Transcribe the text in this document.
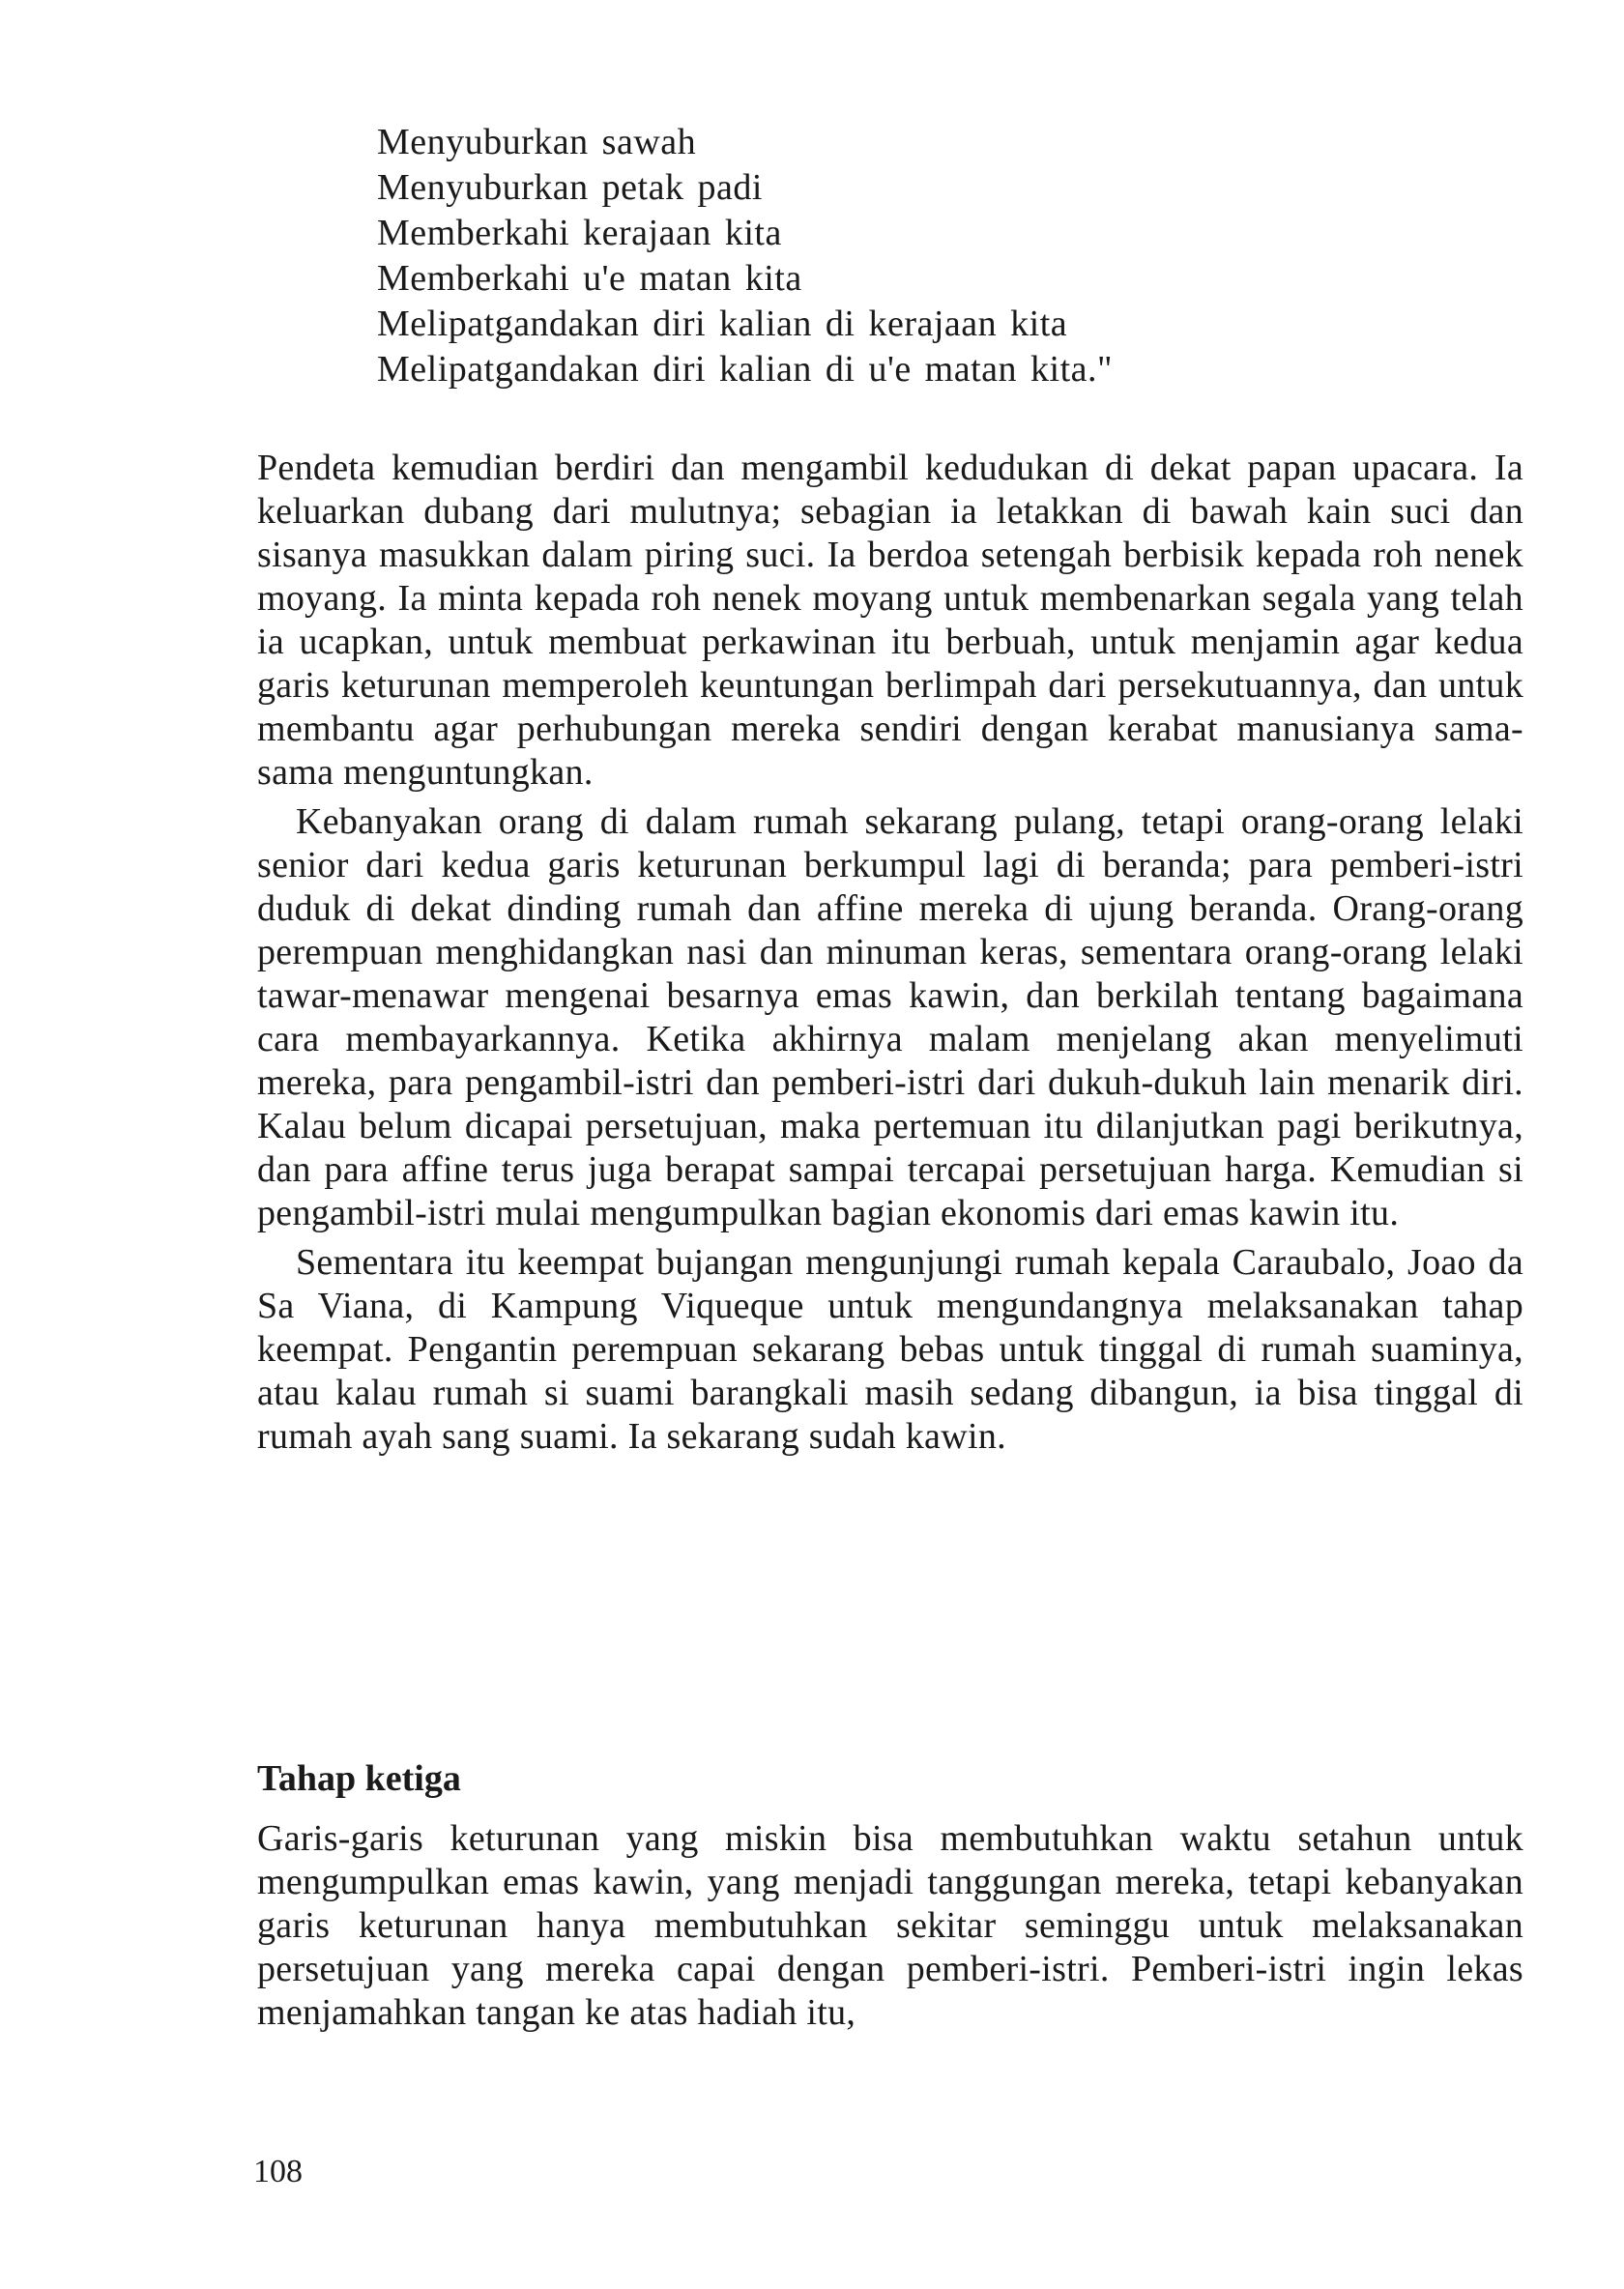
Menyuburkan sawah
Menyuburkan petak padi
Memberkahi kerajaan kita
Memberkahi u'e matan kita
Melipatgandakan diri kalian di kerajaan kita
Melipatgandakan diri kalian di u'e matan kita."

Pendeta kemudian berdiri dan mengambil kedudukan di dekat papan upacara. Ia keluarkan dubang dari mulutnya; sebagian ia letakkan di bawah kain suci dan sisanya masukkan dalam piring suci. Ia berdoa setengah berbisik kepada roh nenek moyang. Ia minta kepada roh nenek moyang untuk membenarkan segala yang telah ia ucapkan, untuk membuat perkawinan itu berbuah, untuk menjamin agar kedua garis keturunan memperoleh keuntungan berlimpah dari persekutuannya, dan untuk membantu agar perhubungan mereka sendiri dengan kerabat manusianya sama-sama menguntungkan.

Kebanyakan orang di dalam rumah sekarang pulang, tetapi orang-orang lelaki senior dari kedua garis keturunan berkumpul lagi di beranda; para pemberi-istri duduk di dekat dinding rumah dan affine mereka di ujung beranda. Orang-orang perempuan menghidangkan nasi dan minuman keras, sementara orang-orang lelaki tawar-menawar mengenai besarnya emas kawin, dan berkilah tentang bagaimana cara membayarkannya. Ketika akhirnya malam menjelang akan menyelimuti mereka, para pengambil-istri dan pemberi-istri dari dukuh-dukuh lain menarik diri. Kalau belum dicapai persetujuan, maka pertemuan itu dilanjutkan pagi berikutnya, dan para affine terus juga berapat sampai tercapai persetujuan harga. Kemudian si pengambil-istri mulai mengumpulkan bagian ekonomis dari emas kawin itu.

Sementara itu keempat bujangan mengunjungi rumah kepala Caraubalo, Joao da Sa Viana, di Kampung Viqueque untuk mengundangnya melaksanakan tahap keempat. Pengantin perempuan sekarang bebas untuk tinggal di rumah suaminya, atau kalau rumah si suami barangkali masih sedang dibangun, ia bisa tinggal di rumah ayah sang suami. Ia sekarang sudah kawin.

Tahap ketiga

Garis-garis keturunan yang miskin bisa membutuhkan waktu setahun untuk mengumpulkan emas kawin, yang menjadi tanggungan mereka, tetapi kebanyakan garis keturunan hanya membutuhkan sekitar seminggu untuk melaksanakan persetujuan yang mereka capai dengan pemberi-istri. Pemberi-istri ingin lekas menjamahkan tangan ke atas hadiah itu,

108
